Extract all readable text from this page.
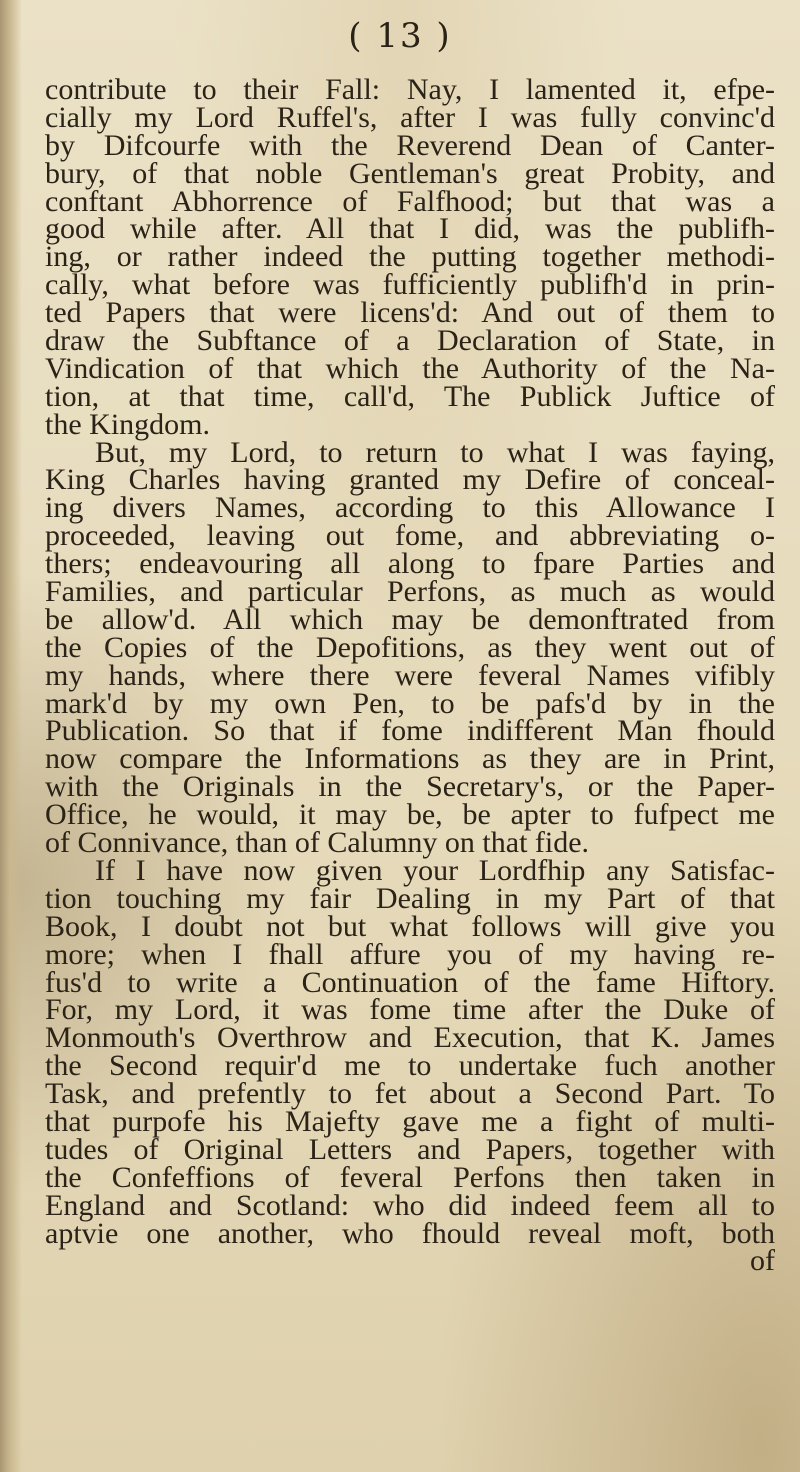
( 13 )
contribute to their Fall: Nay, I lamented it, efpe-
cially my Lord Ruffel's, after I was fully convinc'd
by Difcourfe with the Reverend Dean of Canter-
bury, of that noble Gentleman's great Probity, and
conftant Abhorrence of Falfhood; but that was a
good while after. All that I did, was the publifh-
ing, or rather indeed the putting together methodi-
cally, what before was fufficiently publifh'd in prin-
ted Papers that were licens'd: And out of them to
draw the Subftance of a Declaration of State, in
Vindication of that which the Authority of the Na-
tion, at that time, call'd, The Publick Juftice of
the Kingdom.
But, my Lord, to return to what I was faying,
King Charles having granted my Defire of conceal-
ing divers Names, according to this Allowance I
proceeded, leaving out fome, and abbreviating o-
thers; endeavouring all along to fpare Parties and
Families, and particular Perfons, as much as would
be allow'd. All which may be demonftrated from
the Copies of the Depofitions, as they went out of
my hands, where there were feveral Names vifibly
mark'd by my own Pen, to be pafs'd by in the
Publication. So that if fome indifferent Man fhould
now compare the Informations as they are in Print,
with the Originals in the Secretary's, or the Paper-
Office, he would, it may be, be apter to fufpect me
of Connivance, than of Calumny on that fide.
If I have now given your Lordfhip any Satisfac-
tion touching my fair Dealing in my Part of that
Book, I doubt not but what follows will give you
more; when I fhall affure you of my having re-
fus'd to write a Continuation of the fame Hiftory.
For, my Lord, it was fome time after the Duke of
Monmouth's Overthrow and Execution, that K. James
the Second requir'd me to undertake fuch another
Task, and prefently to fet about a Second Part. To
that purpofe his Majefty gave me a fight of multi-
tudes of Original Letters and Papers, together with
the Confeffions of feveral Perfons then taken in
England and Scotland: who did indeed feem all to
aptvie one another, who fhould reveal moft, both
of
